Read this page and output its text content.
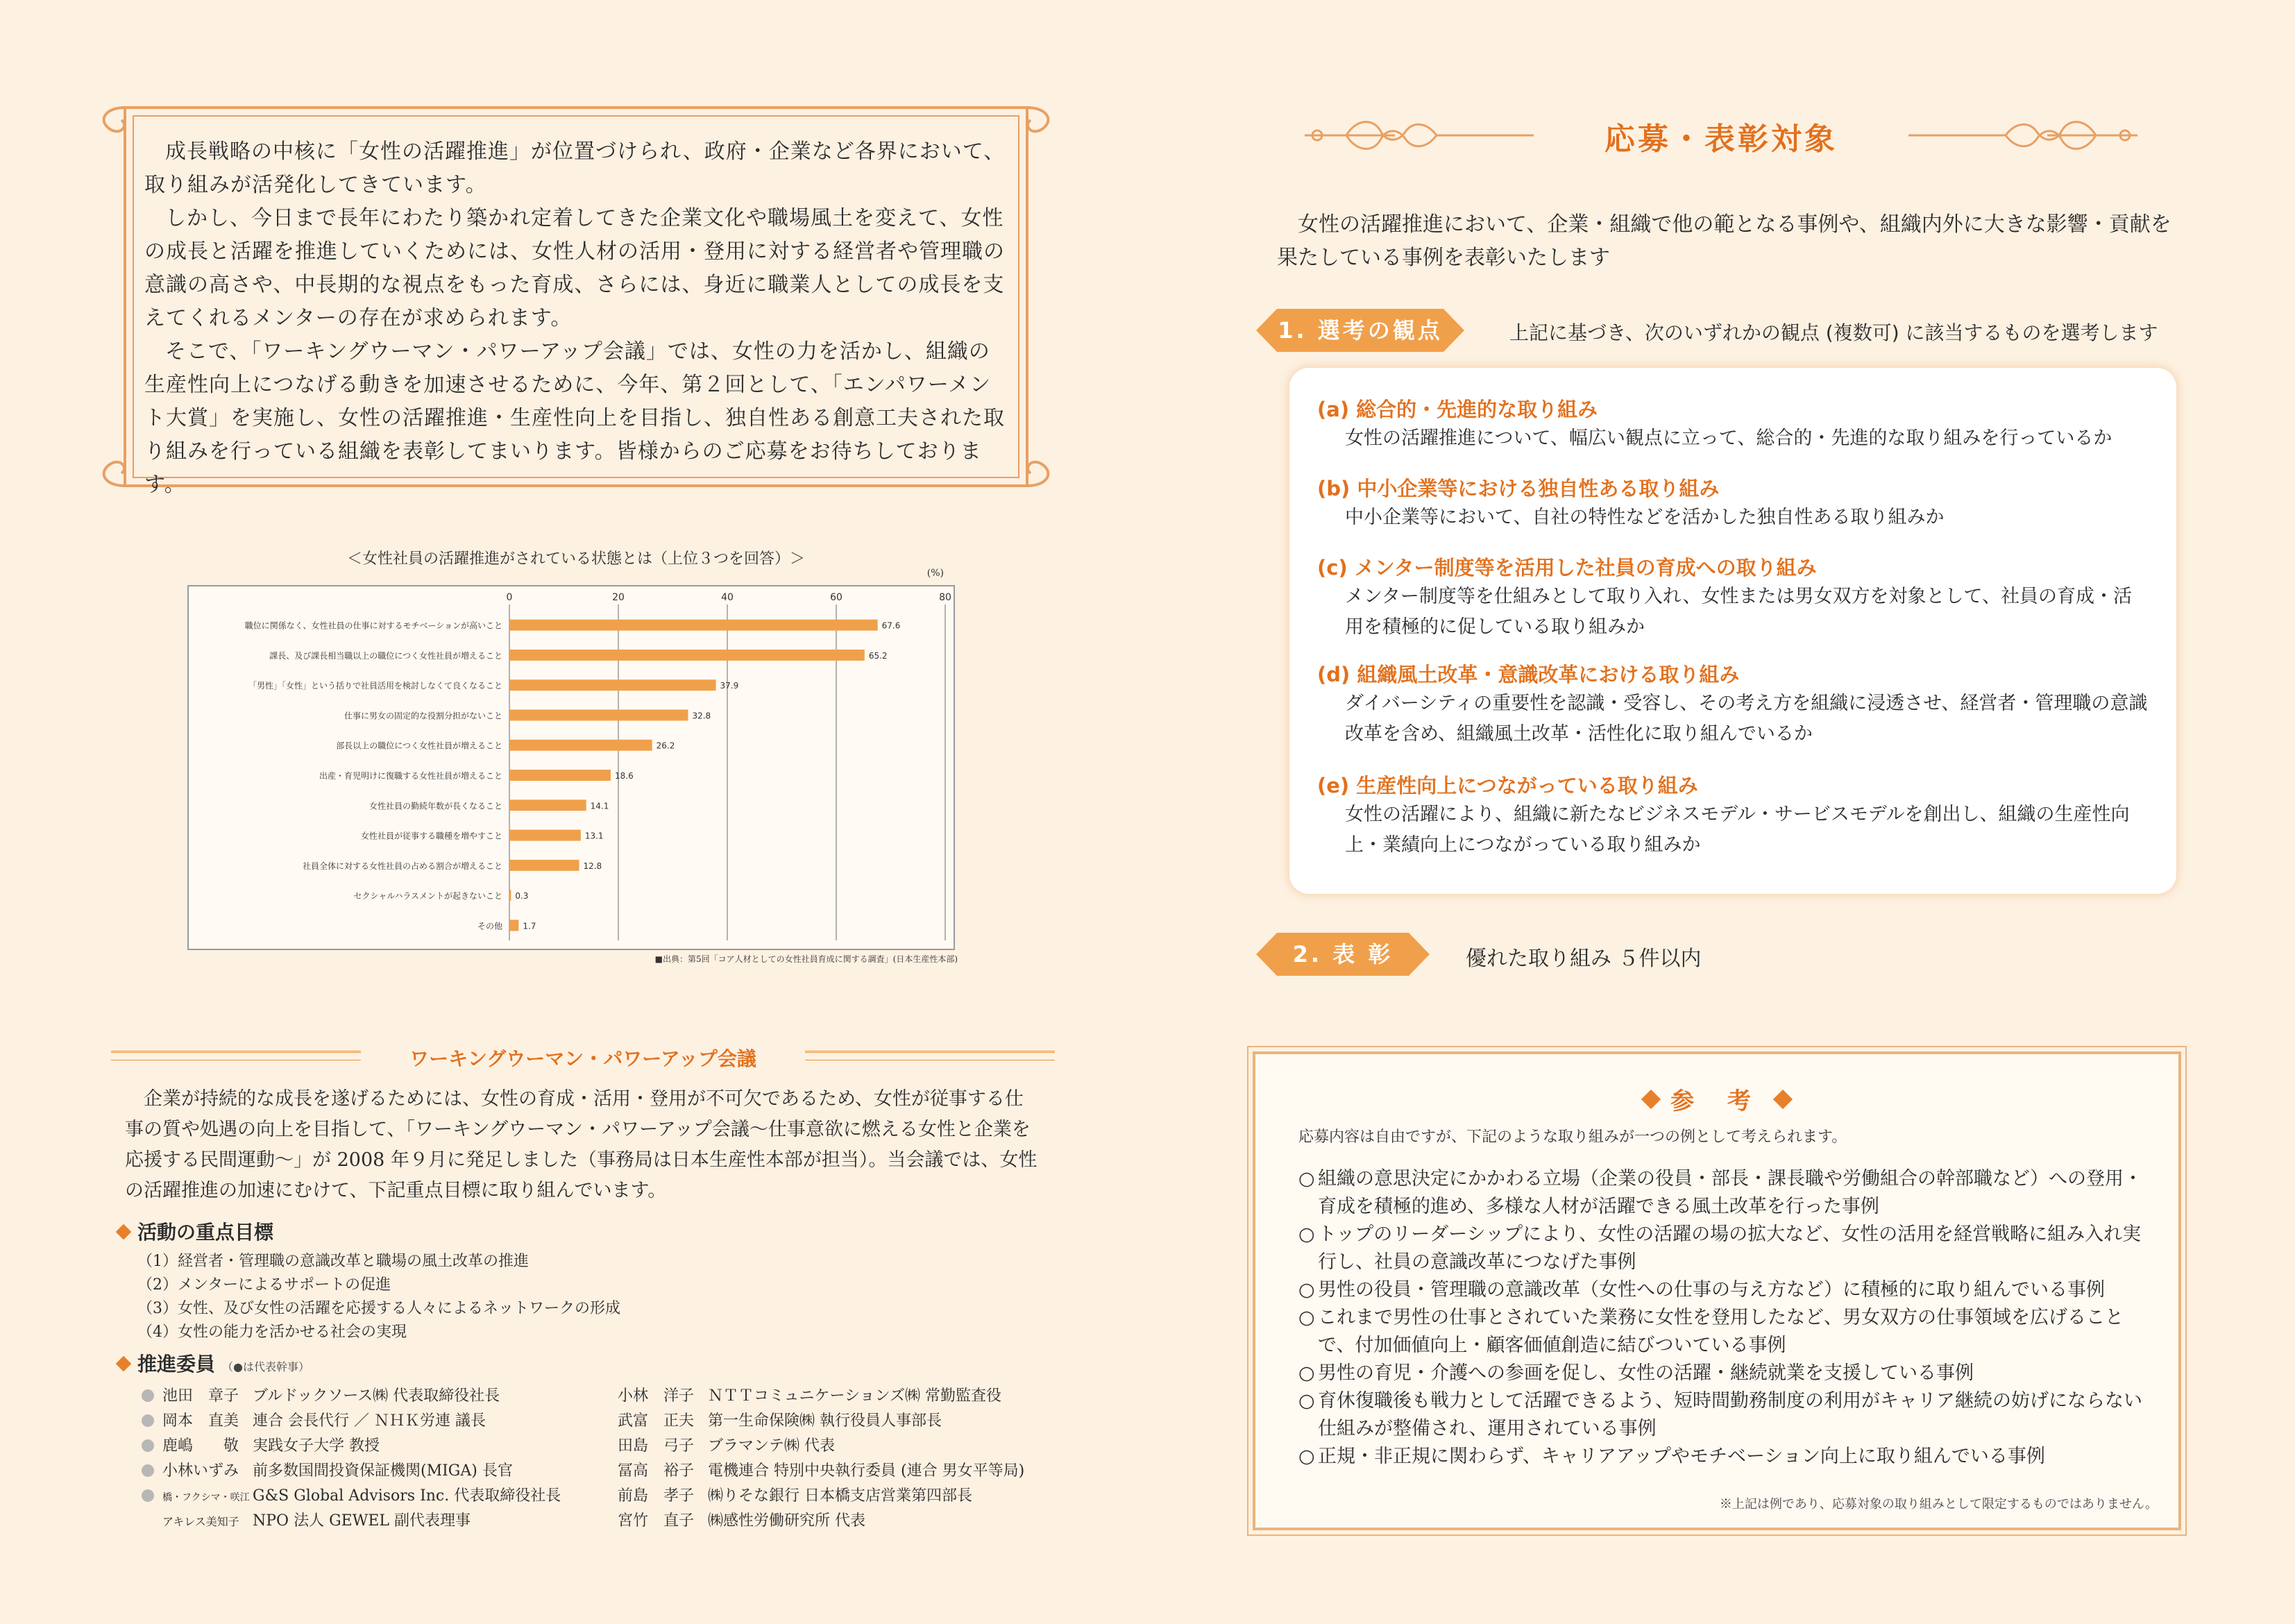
成長戦略の中核に「女性の活躍推進」が位置づけられ、政府・企業など各界において、取り組みが活発化してきています。

しかし、今日まで長年にわたり築かれ定着してきた企業文化や職場風土を変えて、女性の成長と活躍を推進していくためには、女性人材の活用・登用に対する経営者や管理職の意識の高さや、中長期的な視点をもった育成、さらには、身近に職業人としての成長を支えてくれるメンターの存在が求められます。

そこで、「ワーキングウーマン・パワーアップ会議」では、女性の力を活かし、組織の生産性向上につなげる動きを加速させるために、今年、第２回として、「エンパワーメント大賞」を実施し、女性の活躍推進・生産性向上を目指し、独自性ある創意工夫された取り組みを行っている組織を表彰してまいります。皆様からのご応募をお待ちしております。

＜女性社員の活躍推進がされている状態とは（上位３つを回答）＞
(%)
0	20	40	60	80
職位に関係なく、女性社員の仕事に対するモチベーションが高いこと	67.6
課長、及び課長相当職以上の職位につく女性社員が増えること	65.2
「男性」「女性」という括りで社員活用を検討しなくて良くなること	37.9
仕事に男女の固定的な役割分担がないこと	32.8
部長以上の職位につく女性社員が増えること	26.2
出産・育児明けに復職する女性社員が増えること	18.6
女性社員の勤続年数が長くなること	14.1
女性社員が従事する職種を増やすこと	13.1
社員全体に対する女性社員の占める割合が増えること	12.8
セクシャルハラスメントが起きないこと 0.3
その他 1.7
■出典：第5回「コア人材としての女性社員育成に関する調査」(日本生産性本部)
ワーキングウーマン・パワーアップ会議

企業が持続的な成長を遂げるためには、女性の育成・活用・登用が不可欠であるため、女性が従事する仕事の質や処遇の向上を目指して、「ワーキングウーマン・パワーアップ会議～仕事意欲に燃える女性と企業を応援する民間運動～」が 2008 年９月に発足しました（事務局は日本生産性本部が担当）。当会議では、女性の活躍推進の加速にむけて、下記重点目標に取り組んでいます。

活動の重点目標
（1）経営者・管理職の意識改革と職場の風土改革の推進
（2）メンターによるサポートの促進
（3）女性、及び女性の活躍を応援する人々によるネットワークの形成
（4）女性の能力を活かせる社会の実現
推進委員 （●は代表幹事）
池田　章子 ブルドックソース㈱ 代表取締役社長
岡本　直美 連合 会長代行 ／ ＮＨＫ労連 議長
鹿嶋　　敬 実践女子大学 教授
小林いずみ 前多数国間投資保証機関(MIGA) 長官
橋・フクシマ・咲江 G&S Global Advisors Inc. 代表取締役社長
アキレス美知子 NPO 法人 GEWEL 副代表理事
小林　洋子 ＮＴＴコミュニケーションズ㈱ 常勤監査役
武富　正夫 第一生命保険㈱ 執行役員人事部長
田島　弓子 ブラマンテ㈱ 代表
冨高　裕子 電機連合 特別中央執行委員 (連合 男女平等局)
前島　孝子 ㈱りそな銀行 日本橋支店営業第四部長
宮竹　直子 ㈱感性労働研究所 代表
応募・表彰対象

女性の活躍推進において、企業・組織で他の範となる事例や、組織内外に大きな影響・貢献を果たしている事例を表彰いたします

1. 選考の観点	上記に基づき、次のいずれかの観点 (複数可) に該当するものを選考します
(a) 総合的・先進的な取り組み

女性の活躍推進について、幅広い観点に立って、総合的・先進的な取り組みを行っているか

(b) 中小企業等における独自性ある取り組み

中小企業等において、自社の特性などを活かした独自性ある取り組みか

(c) メンター制度等を活用した社員の育成への取り組み

メンター制度等を仕組みとして取り入れ、女性または男女双方を対象として、社員の育成・活用を積極的に促している取り組みか

(d) 組織風土改革・意識改革における取り組み

ダイバーシティの重要性を認識・受容し、その考え方を組織に浸透させ、経営者・管理職の意識改革を含め、組織風土改革・活性化に取り組んでいるか

(e) 生産性向上につながっている取り組み

女性の活躍により、組織に新たなビジネスモデル・サービスモデルを創出し、組織の生産性向上・業績向上につながっている取り組みか

2. 表 彰	優れた取り組み ５件以内
参 考
応募内容は自由ですが、下記のような取り組みが一つの例として考えられます。
○ 組織の意思決定にかかわる立場（企業の役員・部長・課長職や労働組合の幹部職など）への登用・育成を積極的進め、多様な人材が活躍できる風土改革を行った事例
○ トップのリーダーシップにより、女性の活躍の場の拡大など、女性の活用を経営戦略に組み入れ実行し、社員の意識改革につなげた事例
○ 男性の役員・管理職の意識改革（女性への仕事の与え方など）に積極的に取り組んでいる事例
○ これまで男性の仕事とされていた業務に女性を登用したなど、男女双方の仕事領域を広げることで、付加価値向上・顧客価値創造に結びついている事例
○ 男性の育児・介護への参画を促し、女性の活躍・継続就業を支援している事例
○ 育休復職後も戦力として活躍できるよう、短時間勤務制度の利用がキャリア継続の妨げにならない仕組みが整備され、運用されている事例
○ 正規・非正規に関わらず、キャリアアップやモチベーション向上に取り組んでいる事例
※上記は例であり、応募対象の取り組みとして限定するものではありません。
